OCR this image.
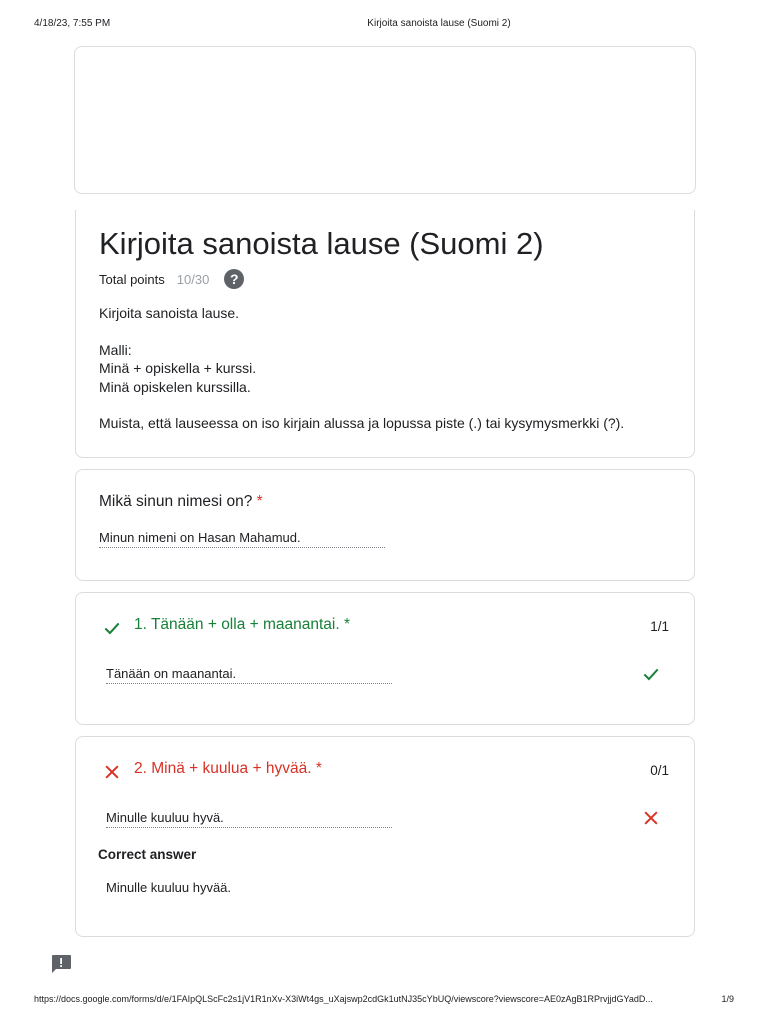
4/18/23, 7:55 PM	Kirjoita sanoista lause (Suomi 2)
Kirjoita sanoista lause (Suomi 2)
Total points 10/30	?
Kirjoita sanoista lause.

Malli:
Minä + opiskella + kurssi.
Minä opiskelen kurssilla.

Muista, että lauseessa on iso kirjain alussa ja lopussa piste (.) tai kysymysmerkki (?).
Mikä sinun nimesi on? *
Minun nimeni on Hasan Mahamud.
1. Tänään + olla + maanantai. *	1/1
Tänään on maanantai.
2. Minä + kuulua + hyvää. *	0/1
Minulle kuuluu hyvä.
Correct answer
Minulle kuuluu hyvää.
https://docs.google.com/forms/d/e/1FAIpQLScFc2s1jV1R1nXv-X3iWt4gs_uXajswp2cdGk1utNJ35cYbUQ/viewscore?viewscore=AE0zAgB1RPrvjjdGYadD...	1/9
